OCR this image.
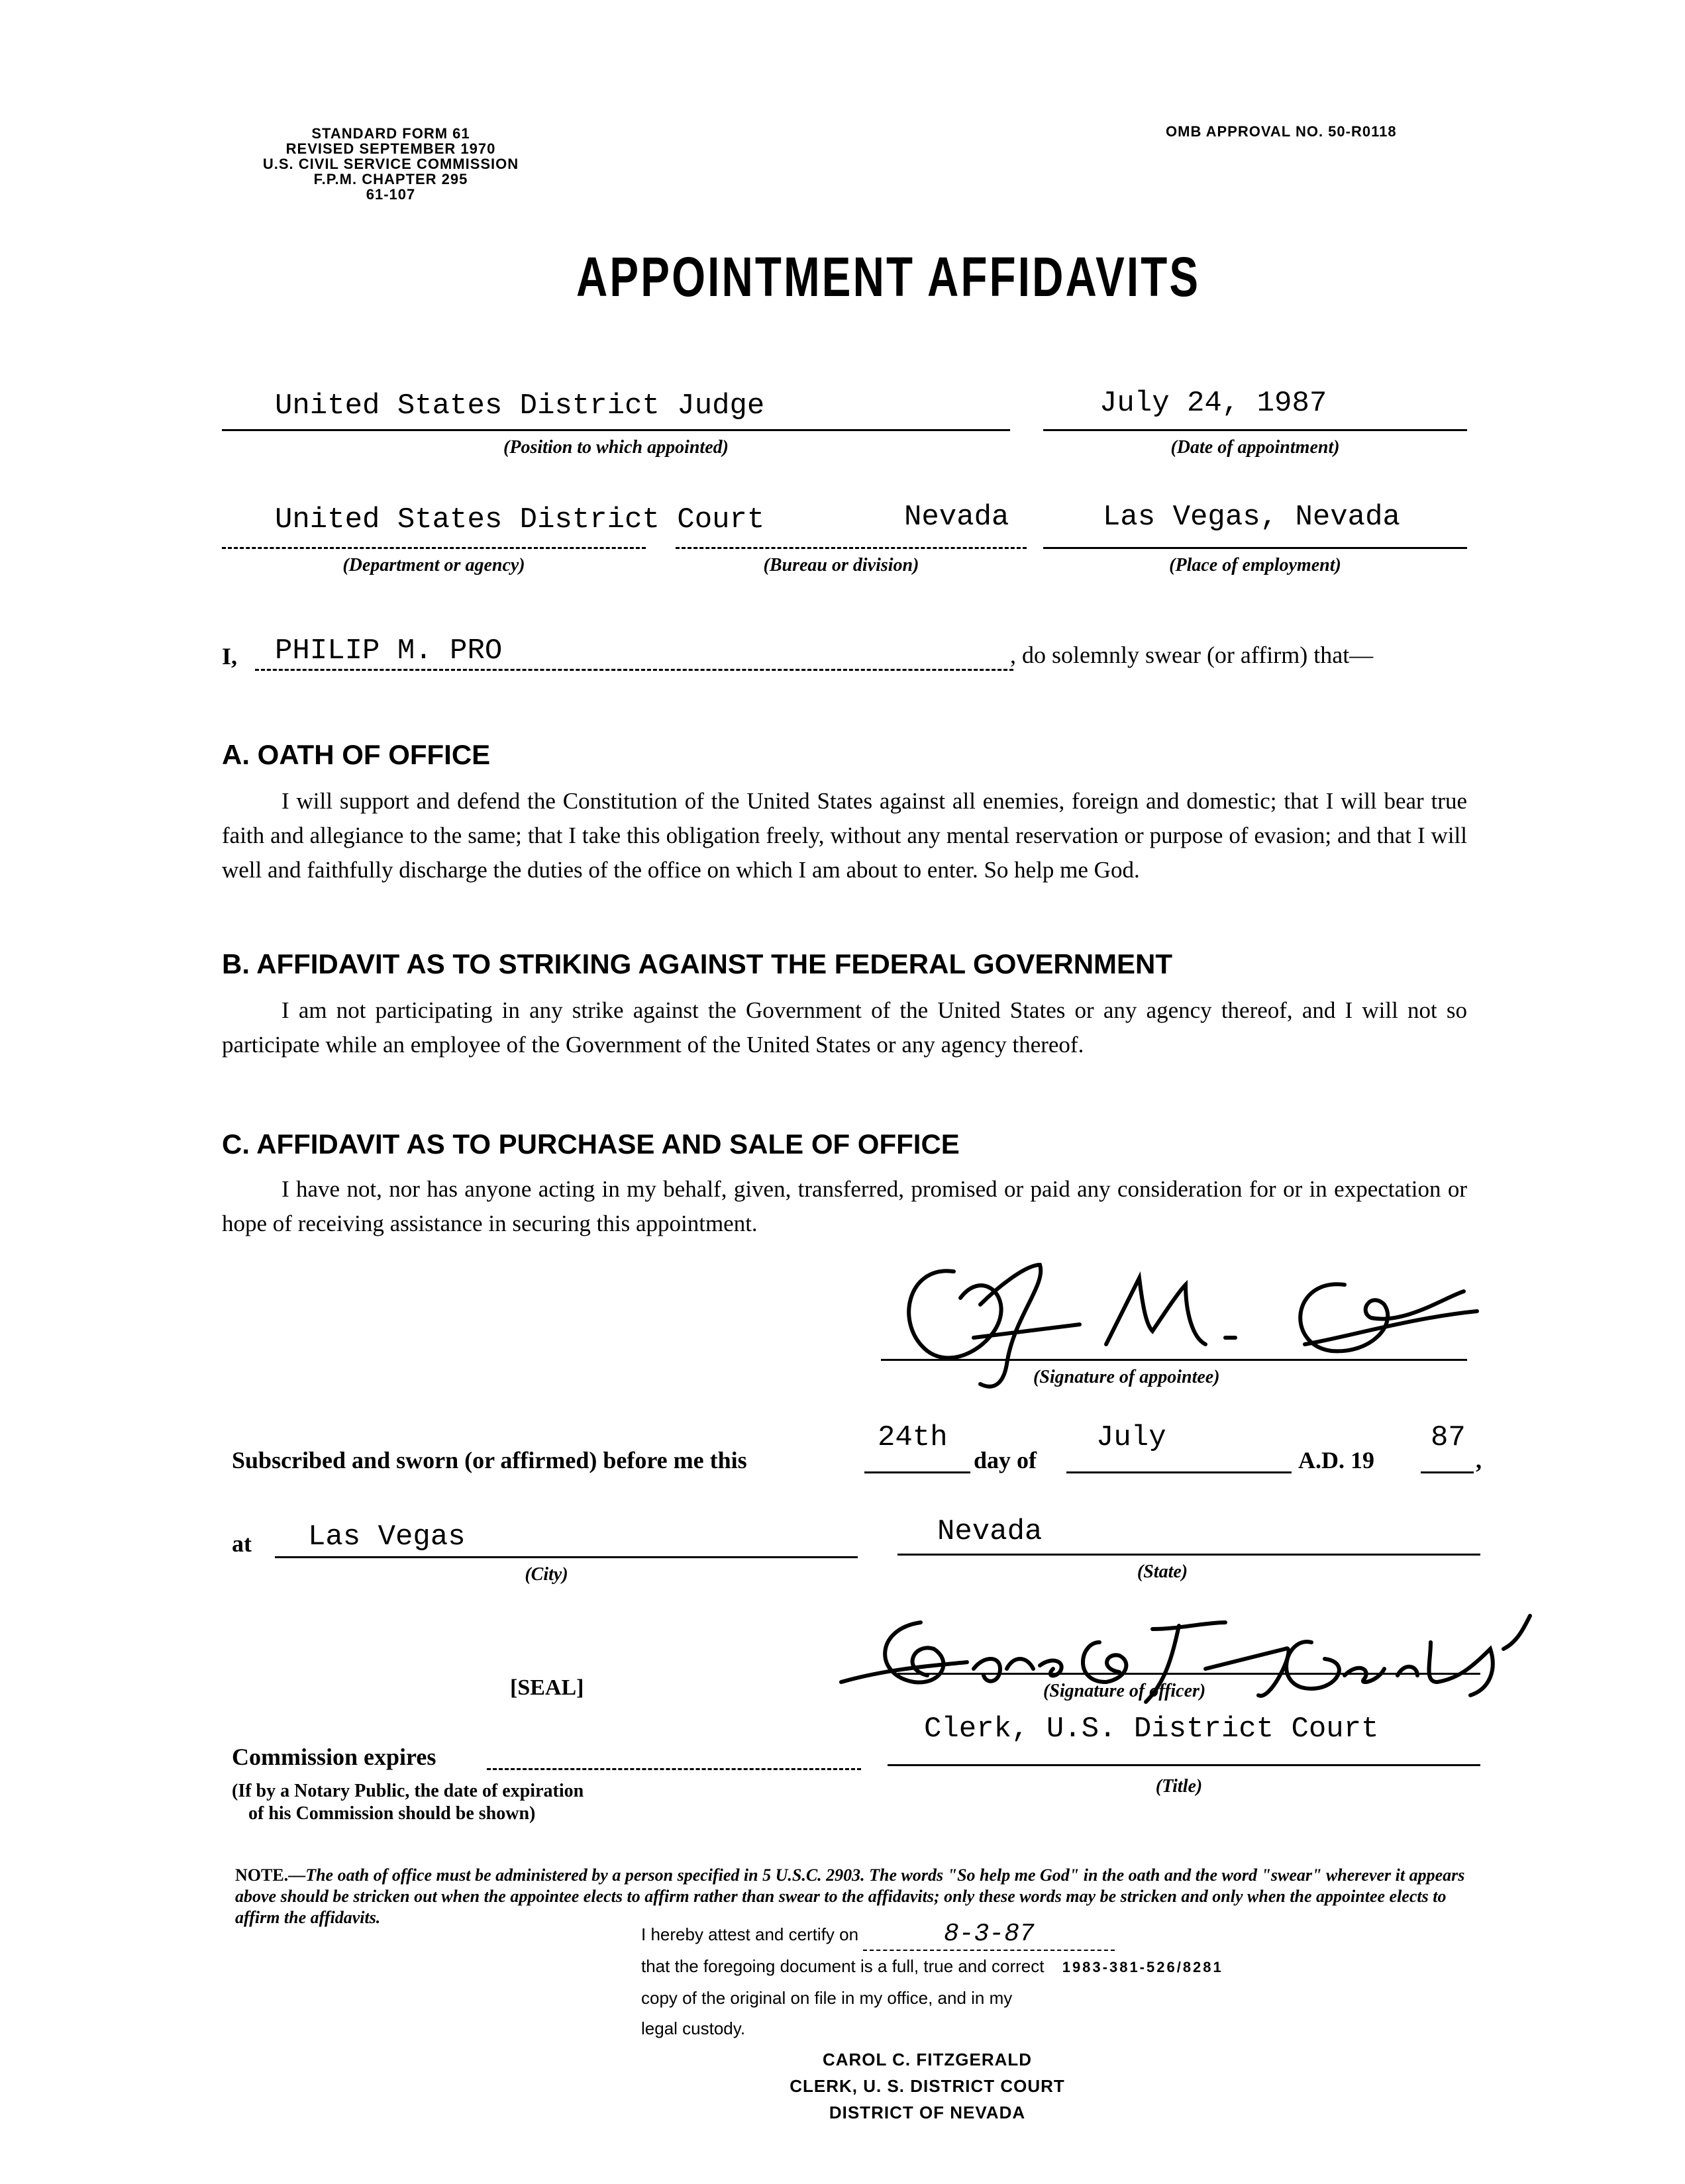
STANDARD FORM 61
REVISED SEPTEMBER 1970
U.S. CIVIL SERVICE COMMISSION
F.P.M. CHAPTER 295
61-107
OMB APPROVAL NO. 50-R0118
APPOINTMENT AFFIDAVITS
United States District Judge
(Position to which appointed)
July 24, 1987
(Date of appointment)
United States District Court
(Department or agency)
Nevada
(Bureau or division)
Las Vegas, Nevada
(Place of employment)
I, PHILIP M. PRO	, do solemnly swear (or affirm) that—
A. OATH OF OFFICE

I will support and defend the Constitution of the United States against all enemies, foreign and domestic; that I will bear true faith and allegiance to the same; that I take this obligation freely, without any mental reservation or purpose of evasion; and that I will well and faithfully discharge the duties of the office on which I am about to enter. So help me God.

B. AFFIDAVIT AS TO STRIKING AGAINST THE FEDERAL GOVERNMENT

I am not participating in any strike against the Government of the United States or any agency thereof, and I will not so participate while an employee of the Government of the United States or any agency thereof.

C. AFFIDAVIT AS TO PURCHASE AND SALE OF OFFICE

I have not, nor has anyone acting in my behalf, given, transferred, promised or paid any consideration for or in expectation or hope of receiving assistance in securing this appointment.

(Signature of appointee)
Subscribed and sworn (or affirmed) before me this
24th
day of
July
A.D. 19
87
,
at Las Vegas
(City)
Nevada
(State)
[SEAL]	(Signature of officer)
Clerk, U.S. District Court
(Title)
Commission expires
(If by a Notary Public, the date of expiration
of his Commission should be shown)
NOTE.—The oath of office must be administered by a person specified in 5 U.S.C. 2903. The words "So help me God" in the oath and the word "swear" wherever it appears above should be stricken out when the appointee elects to affirm rather than swear to the affidavits; only these words may be stricken and only when the appointee elects to affirm the affidavits.
I hereby attest and certify on	8-3-87
that the foregoing document is a full, true and correct 1983-381-526/8281
copy of the original on file in my office, and in my
legal custody.
CAROL C. FITZGERALD
CLERK, U. S. DISTRICT COURT
DISTRICT OF NEVADA
